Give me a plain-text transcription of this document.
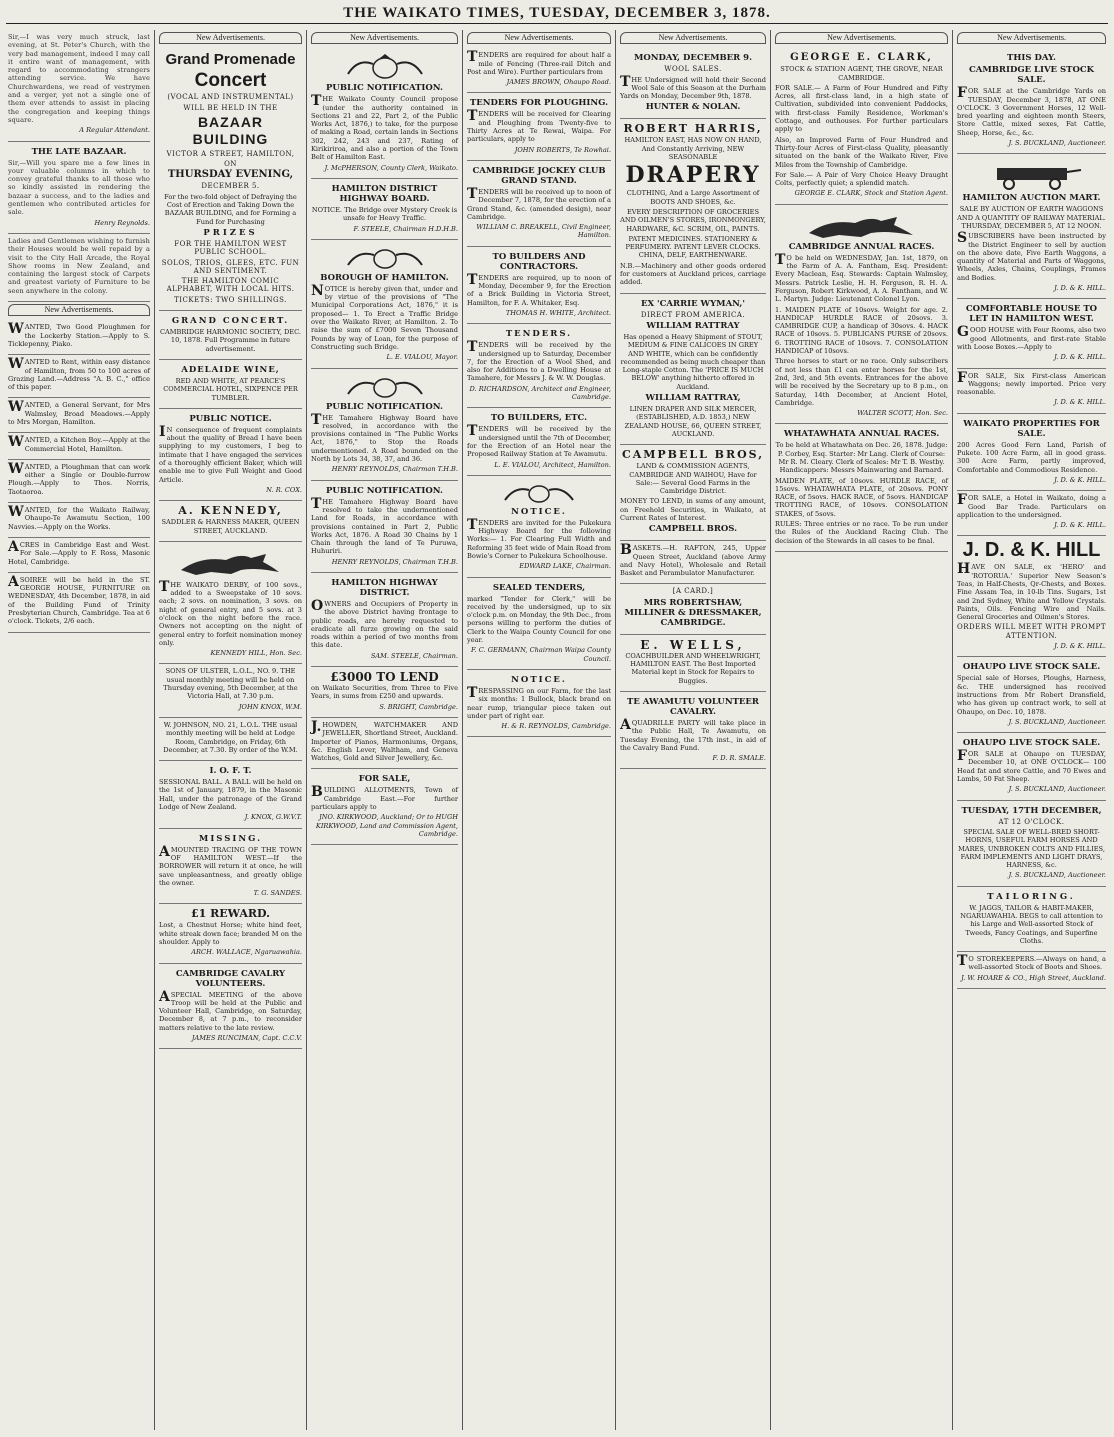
THE WAIKATO TIMES, TUESDAY, DECEMBER 3, 1878.

Sir,—I was very much struck, last evening, at St. Peter's Church, with the very bad management, indeed I may call it entire want of management, with regard to accommodating strangers attending service. We have Churchwardens, we read of vestrymen and a verger, yet not a single one of them ever attends to assist in placing the congregation and keeping things square.

A Regular Attendant.

THE LATE BAZAAR.

Sir,—Will you spare me a few lines in your valuable columns in which to convey grateful thanks to all those who so kindly assisted in rendering the bazaar a success, and to the ladies and gentlemen who contributed articles for sale.

Henry Reynolds.

Ladies and Gentlemen wishing to furnish their Houses would be well repaid by a visit to the City Hall Arcade, the Royal Show rooms in New Zealand, and containing the largest stock of Carpets and greatest variety of Furniture to be seen anywhere in the colony.

New Advertisements.

WANTED, Two Good Ploughmen for the Lockerby Station.—Apply to S. Ticklepenny, Piako.

WANTED to Rent, within easy distance of Hamilton, from 50 to 100 acres of Grazing Land.—Address "A. B. C.," office of this paper.

WANTED, a General Servant, for Mrs Walmsley, Broad Meadows.—Apply to Mrs Morgan, Hamilton.

WANTED, a Kitchen Boy.—Apply at the Commercial Hotel, Hamilton.

WANTED, a Ploughman that can work either a Single or Double-furrow Plough.—Apply to Thos. Norris, Taotaoroa.

WANTED, for the Waikato Railway, Ohaupo-Te Awamutu Section, 100 Navvies.—Apply on the Works.

ACRES in Cambridge East and West. For Sale.—Apply to F. Ross, Masonic Hotel, Cambridge.

ASOIREE will be held in the ST. GEORGE HOUSE, FURNITURE on WEDNESDAY, 4th December, 1878, in aid of the Building Fund of Trinity Presbyterian Church, Cambridge. Tea at 6 o'clock. Tickets, 2/6 each.

New Advertisements.

Grand Promenade

Concert

(VOCAL AND INSTRUMENTAL)

WILL BE HELD IN THE

BAZAAR BUILDING

VICTOR A STREET, HAMILTON,

ON

THURSDAY EVENING,

DECEMBER 5.

For the two-fold object of Defraying the Cost of Erection and Taking Down the BAZAAR BUILDING, and for Forming a Fund for Purchasing

PRIZES

FOR THE HAMILTON WEST PUBLIC SCHOOL.

SOLOS, TRIOS, GLEES, ETC. FUN AND SENTIMENT.

THE HAMILTON COMIC ALPHABET, WITH LOCAL HITS.

TICKETS: TWO SHILLINGS.

GRAND CONCERT.

CAMBRIDGE HARMONIC SOCIETY, DEC. 10, 1878. Full Programme in future advertisement.

ADELAIDE WINE,

RED AND WHITE, AT PEARCE'S COMMERCIAL HOTEL, SIXPENCE PER TUMBLER.

PUBLIC NOTICE.

IN consequence of frequent complaints about the quality of Bread I have been supplying to my customers, I beg to intimate that I have engaged the services of a thoroughly efficient Baker, which will enable me to give Full Weight and Good Article.

N. R. COX.

A. KENNEDY,

SADDLER & HARNESS MAKER, QUEEN STREET, AUCKLAND.

THE WAIKATO DERBY, of 100 sovs., added to a Sweepstake of 10 sovs. each; 2 sovs. on nomination, 3 sovs. on night of general entry, and 5 sovs. at 3 o'clock on the night before the race. Owners not accepting on the night of general entry to forfeit nomination money only.

KENNEDY HILL, Hon. Sec.

SONS OF ULSTER, L.O.L., NO. 9. THE usual monthly meeting will be held on Thursday evening, 5th December, at the Victoria Hall, at 7.30 p.m.

JOHN KNOX, W.M.

W. JOHNSON, NO. 21, L.O.L. THE usual monthly meeting will be held at Lodge Room, Cambridge, on Friday, 6th December, at 7.30. By order of the W.M.

I. O. F. T.

SESSIONAL BALL. A BALL will be held on the 1st of January, 1879, in the Masonic Hall, under the patronage of the Grand Lodge of New Zealand.

J. KNOX, G.W.V.T.

MISSING.

AMOUNTED TRACING OF THE TOWN OF HAMILTON WEST.—If the BORROWER will return it at once, he will save unpleasantness, and greatly oblige the owner.

T. G. SANDES.

£1 REWARD.

Lost, a Chestnut Horse; white hind feet, white streak down face; branded M on the shoulder. Apply to

ARCH. WALLACE, Ngaruawahia.

CAMBRIDGE CAVALRY VOLUNTEERS.

ASPECIAL MEETING of the above Troop will be held at the Public and Volunteer Hall, Cambridge, on Saturday, December 8, at 7 p.m., to reconsider matters relative to the late review.

JAMES RUNCIMAN, Capt. C.C.V.

New Advertisements.

PUBLIC NOTIFICATION.

THE Waikato County Council propose (under the authority contained in Sections 21 and 22, Part 2, of the Public Works Act, 1876,) to take, for the purpose of making a Road, certain lands in Sections 302, 242, 243 and 237, Rating of Kirikiriroa, and also a portion of the Town Belt of Hamilton East.

J. McPHERSON, County Clerk, Waikato.

HAMILTON DISTRICT HIGHWAY BOARD.

NOTICE. The Bridge over Mystery Creek is unsafe for Heavy Traffic.

F. STEELE, Chairman H.D.H.B.

BOROUGH OF HAMILTON.

NOTICE is hereby given that, under and by virtue of the provisions of "The Municipal Corporations Act, 1876," it is proposed— 1. To Erect a Traffic Bridge over the Waikato River, at Hamilton. 2. To raise the sum of £7000 Seven Thousand Pounds by way of Loan, for the purpose of Constructing such Bridge.

L. E. VIALOU, Mayor.

PUBLIC NOTIFICATION.

THE Tamahere Highway Board have resolved, in accordance with the provisions contained in "The Public Works Act, 1876," to Stop the Roads undermentioned. A Road bounded on the North by Lots 34, 38, 37, and 36.

HENRY REYNOLDS, Chairman T.H.B.

PUBLIC NOTIFICATION.

THE Tamahere Highway Board have resolved to take the undermentioned Land for Roads, in accordance with provisions contained in Part 2, Public Works Act, 1876. A Road 30 Chains by 1 Chain through the land of Te Puruwa, Huhuriri.

HENRY REYNOLDS, Chairman T.H.B.

HAMILTON HIGHWAY DISTRICT.

OWNERS and Occupiers of Property in the above District having frontage to public roads, are hereby requested to eradicate all furze growing on the said roads within a period of two months from this date.

SAM. STEELE, Chairman.

£3000 TO LEND

on Waikato Securities, from Three to Five Years, in sums from £250 and upwards.

S. BRIGHT, Cambridge.

J.HOWDEN, WATCHMAKER AND JEWELLER, Shortland Street, Auckland. Importer of Pianos, Harmoniums, Organs, &c. English Lever, Waltham, and Geneva Watches, Gold and Silver Jewellery, &c.

FOR SALE,

BUILDING ALLOTMENTS, Town of Cambridge East.—For further particulars apply to

JNO. KIRKWOOD, Auckland; Or to HUGH KIRKWOOD, Land and Commission Agent, Cambridge.

New Advertisements.

TENDERS are required for about half a mile of Fencing (Three-rail Ditch and Post and Wire). Further particulars from

JAMES BROWN, Ohaupo Road.

TENDERS FOR PLOUGHING.

TENDERS will be received for Clearing and Ploughing from Twenty-five to Thirty Acres at Te Rewai, Waipa. For particulars, apply to

JOHN ROBERTS, Te Rowhai.

CAMBRIDGE JOCKEY CLUB GRAND STAND.

TENDERS will be received up to noon of December 7, 1878, for the erection of a Grand Stand, &c. (amended design), near Cambridge.

WILLIAM C. BREAKELL, Civil Engineer, Hamilton.

TO BUILDERS AND CONTRACTORS.

TENDERS are required, up to noon of Monday, December 9, for the Erection of a Brick Building in Victoria Street, Hamilton, for F. A. Whitaker, Esq.

THOMAS H. WHITE, Architect.

TENDERS.

TENDERS will be received by the undersigned up to Saturday, December 7, for the Erection of a Wool Shed, and also for Additions to a Dwelling House at Tamahere, for Messrs J. & W. W. Douglas.

D. RICHARDSON, Architect and Engineer, Cambridge.

TO BUILDERS, ETC.

TENDERS will be received by the undersigned until the 7th of December, for the Erection of an Hotel near the Proposed Railway Station at Te Awamutu.

L. E. VIALOU, Architect, Hamilton.

NOTICE.

TENDERS are invited for the Pukekura Highway Board for the following Works:— 1. For Clearing Full Width and Reforming 35 feet wide of Main Road from Bowie's Corner to Pukekura Schoolhouse.

EDWARD LAKE, Chairman.

SEALED TENDERS,

marked "Tender for Clerk," will be received by the undersigned, up to six o'clock p.m. on Monday, the 9th Dec., from persons willing to perform the duties of Clerk to the Waipa County Council for one year.

F. C. GERMANN, Chairman Waipa County Council.

NOTICE.

TRESPASSING on our Farm, for the last six months: 1 Bullock, black brand on near rump, triangular piece taken out under part of right ear.

H. & R. REYNOLDS, Cambridge.

New Advertisements.

MONDAY, DECEMBER 9.

WOOL SALES.

THE Undersigned will hold their Second Wool Sale of this Season at the Durham Yards on Monday, December 9th, 1878.

HUNTER & NOLAN.

ROBERT HARRIS,

HAMILTON EAST, HAS NOW ON HAND, And Constantly Arriving, NEW SEASONABLE

DRAPERY

CLOTHING, And a Large Assortment of BOOTS AND SHOES, &c.

EVERY DESCRIPTION OF GROCERIES AND OILMEN'S STORES, IRONMONGERY, HARDWARE, &C. SCRIM, OIL, PAINTS.

PATENT MEDICINES. STATIONERY & PERFUMERY. PATENT LEVER CLOCKS. CHINA, DELF, EARTHENWARE.

N.B.—Machinery and other goods ordered for customers at Auckland prices, carriage added.

EX 'CARRIE WYMAN,'

DIRECT FROM AMERICA.

WILLIAM RATTRAY

Has opened a Heavy Shipment of STOUT, MEDIUM & FINE CALICOES IN GREY AND WHITE, which can be confidently recommended as being much cheaper than Long-staple Cotton. The 'PRICE IS MUCH BELOW' anything hitherto offered in Auckland.

WILLIAM RATTRAY,

LINEN DRAPER AND SILK MERCER, (ESTABLISHED, A.D. 1853,) NEW ZEALAND HOUSE, 66, QUEEN STREET, AUCKLAND.

CAMPBELL BROS,

LAND & COMMISSION AGENTS, CAMBRIDGE AND WAIHOU, Have for Sale:— Several Good Farms in the Cambridge District.

MONEY TO LEND, in sums of any amount, on Freehold Securities, in Waikato, at Current Rates of Interest.

CAMPBELL BROS.

BASKETS.—H. RAFTON, 245, Upper Queen Street, Auckland (above Army and Navy Hotel), Wholesale and Retail Basket and Perambulator Manufacturer.

[A CARD.]

MRS ROBERTSHAW, MILLINER & DRESSMAKER, CAMBRIDGE.

E. WELLS,

COACHBUILDER AND WHEELWRIGHT, HAMILTON EAST. The Best Imported Material kept in Stock for Repairs to Buggies.

TE AWAMUTU VOLUNTEER CAVALRY.

AQUADRILLE PARTY will take place in the Public Hall, Te Awamutu, on Tuesday Evening, the 17th inst., in aid of the Cavalry Band Fund.

F. D. R. SMALE.

New Advertisements.

GEORGE E. CLARK,

STOCK & STATION AGENT, THE GROVE, NEAR CAMBRIDGE.

FOR SALE.— A Farm of Four Hundred and Fifty Acres, all first-class land, in a high state of Cultivation, subdivided into convenient Paddocks, with first-class Family Residence, Workman's Cottage, and outhouses. For further particulars apply to

Also, an Improved Farm of Four Hundred and Thirty-four Acres of First-class Quality, pleasantly situated on the bank of the Waikato River, Five Miles from the Township of Cambridge.

For Sale.— A Pair of Very Choice Heavy Draught Colts, perfectly quiet; a splendid match.

GEORGE E. CLARK, Stock and Station Agent.

CAMBRIDGE ANNUAL RACES.

TO be held on WEDNESDAY, Jan. 1st, 1879, on the Farm of A. A. Fantham, Esq. President: Every Maclean, Esq. Stewards: Captain Walmsley, Messrs. Patrick Leslie, H. H. Ferguson, R. H. A. Ferguson, Robert Kirkwood, A. A. Fantham, and W. L. Martyn. Judge: Lieutenant Colonel Lyon.

1. MAIDEN PLATE of 10sovs. Weight for age. 2. HANDICAP HURDLE RACE of 20sovs. 3. CAMBRIDGE CUP, a handicap of 30sovs. 4. HACK RACE of 10sovs. 5. PUBLICANS PURSE of 20sovs. 6. TROTTING RACE of 10sovs. 7. CONSOLATION HANDICAP of 10sovs.

Three horses to start or no race. Only subscribers of not less than £1 can enter horses for the 1st, 2nd, 3rd, and 5th events. Entrances for the above will be received by the Secretary up to 8 p.m., on Saturday, 14th December, at Ancient Hotel, Cambridge.

WALTER SCOTT, Hon. Sec.

WHATAWHATA ANNUAL RACES.

To be held at Whatawhata on Dec. 26, 1878. Judge: P. Corbey, Esq. Starter: Mr Lang. Clerk of Course: Mr R. M. Cleary. Clerk of Scales: Mr T. B. Westby. Handicappers: Messrs Mainwaring and Barnard.

MAIDEN PLATE, of 10sovs. HURDLE RACE, of 15sovs. WHATAWHATA PLATE, of 20sovs. PONY RACE, of 5sovs. HACK RACE, of 5sovs. HANDICAP TROTTING RACE, of 10sovs. CONSOLATION STAKES, of 5sovs.

RULES: Three entries or no race. To be run under the Rules of the Auckland Racing Club. The decision of the Stewards in all cases to be final.

New Advertisements.

THIS DAY.

CAMBRIDGE LIVE STOCK SALE.

FOR SALE at the Cambridge Yards on TUESDAY, December 3, 1878, AT ONE O'CLOCK. 3 Government Horses, 12 Well-bred yearling and eighteen month Steers, Store Cattle, mixed sexes, Fat Cattle, Sheep, Horse, &c., &c.

J. S. BUCKLAND, Auctioneer.

HAMILTON AUCTION MART.

SALE BY AUCTION OF EARTH WAGGONS AND A QUANTITY OF RAILWAY MATERIAL. THURSDAY, DECEMBER 5, AT 12 NOON.

SUBSCRIBERS have been instructed by the District Engineer to sell by auction on the above date, Five Earth Waggons, a quantity of Material and Parts of Waggons, Wheels, Axles, Chains, Couplings, Frames and Bodies.

J. D. & K. HILL.

COMFORTABLE HOUSE TO LET IN HAMILTON WEST.

GOOD HOUSE with Four Rooms, also two good Allotments, and first-rate Stable with Loose Boxes.—Apply to

J. D. & K. HILL.

FOR SALE, Six First-class American Waggons; newly imported. Price very reasonable.

J. D. & K. HILL.

WAIKATO PROPERTIES FOR SALE.

200 Acres Good Fern Land, Parish of Pukete. 100 Acre Farm, all in good grass. 300 Acre Farm, partly improved, Comfortable and Commodious Residence.

J. D. & K. HILL.

FOR SALE, a Hotel in Waikato, doing a Good Bar Trade. Particulars on application to the undersigned.

J. D. & K. HILL.

J. D. & K. HILL

HAVE ON SALE, ex 'HERO' and 'ROTORUA.' Superior New Season's Teas, in Half-Chests, Qr-Chests, and Boxes. Fine Assam Tea, in 10-lb Tins. Sugars, 1st and 2nd Sydney, White and Yellow Crystals. Paints, Oils. Fencing Wire and Nails. General Groceries and Oilmen's Stores.

ORDERS WILL MEET WITH PROMPT ATTENTION.

J. D. & K. HILL.

OHAUPO LIVE STOCK SALE.

Special sale of Horses, Ploughs, Harness, &c. THE undersigned has received instructions from Mr Robert Dransfield, who has given up contract work, to sell at Ohaupo, on Dec. 10, 1878.

J. S. BUCKLAND, Auctioneer.

OHAUPO LIVE STOCK SALE.

FOR SALE at Ohaupo on TUESDAY, December 10, at ONE O'CLOCK— 100 Head fat and store Cattle, and 70 Ewes and Lambs, 50 Fat Sheep.

J. S. BUCKLAND, Auctioneer.

TUESDAY, 17TH DECEMBER,

AT 12 O'CLOCK.

SPECIAL SALE OF WELL-BRED SHORT-HORNS, USEFUL FARM HORSES AND MARES, UNBROKEN COLTS AND FILLIES, FARM IMPLEMENTS AND LIGHT DRAYS, HARNESS, &c.

J. S. BUCKLAND, Auctioneer.

TAILORING.

W. JAGGS, TAILOR & HABIT-MAKER, NGARUAWAHIA. BEGS to call attention to his Large and Well-assorted Stock of Tweeds, Fancy Coatings, and Superfine Cloths.

TO STOREKEEPERS.—Always on hand, a well-assorted Stock of Boots and Shoes.

J. W. HOARE & CO., High Street, Auckland.
